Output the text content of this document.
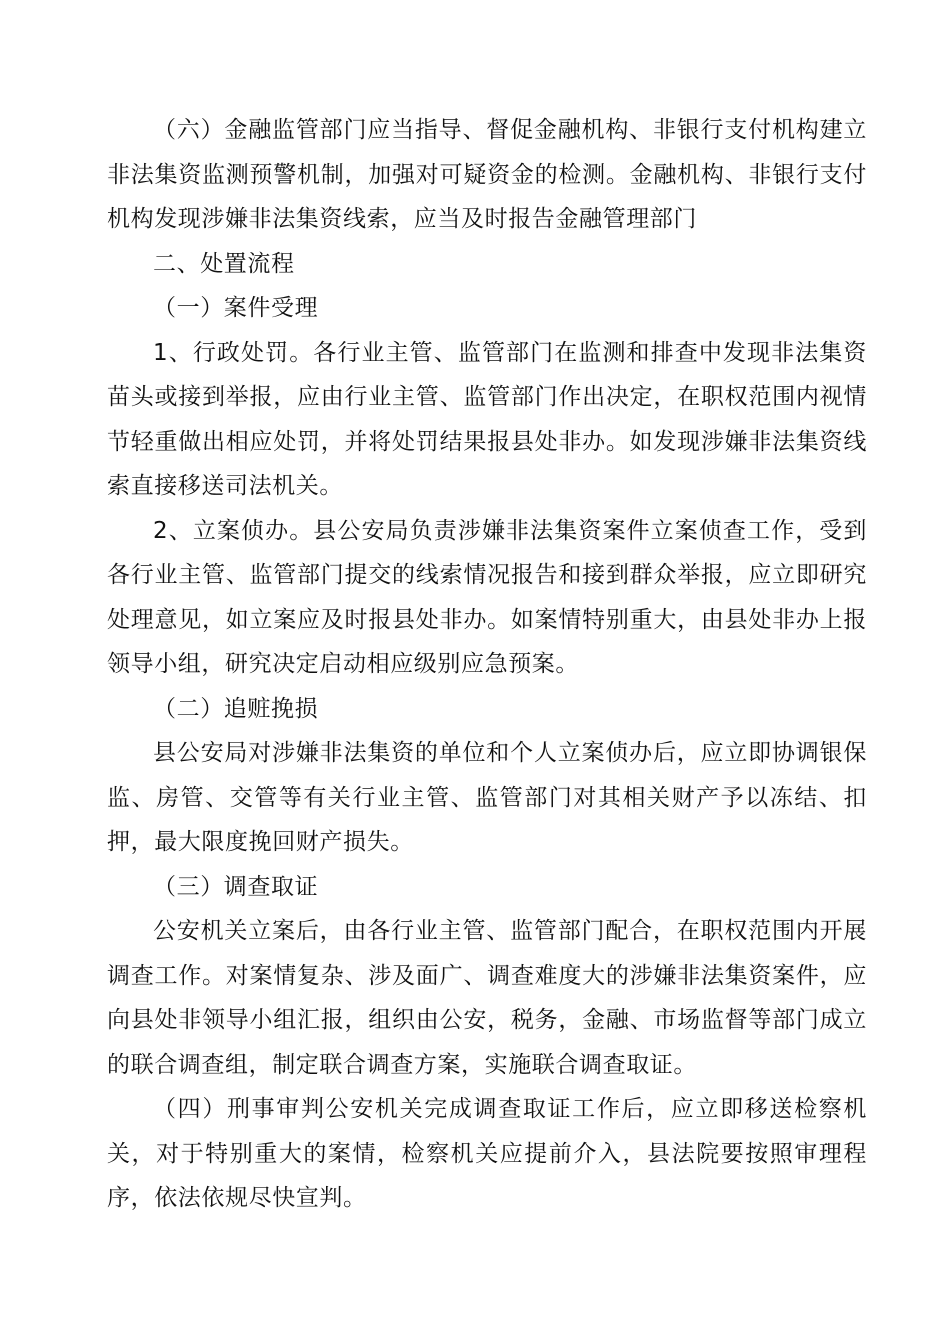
（六）金融监管部门应当指导、督促金融机构、非银行支付机构建立非法集资监测预警机制，加强对可疑资金的检测。金融机构、非银行支付机构发现涉嫌非法集资线索，应当及时报告金融管理部门

二、处置流程

（一）案件受理

1、行政处罚。各行业主管、监管部门在监测和排查中发现非法集资苗头或接到举报，应由行业主管、监管部门作出决定，在职权范围内视情节轻重做出相应处罚，并将处罚结果报县处非办。如发现涉嫌非法集资线索直接移送司法机关。

2、立案侦办。县公安局负责涉嫌非法集资案件立案侦查工作，受到各行业主管、监管部门提交的线索情况报告和接到群众举报，应立即研究处理意见，如立案应及时报县处非办。如案情特别重大，由县处非办上报领导小组，研究决定启动相应级别应急预案。

（二）追赃挽损

县公安局对涉嫌非法集资的单位和个人立案侦办后，应立即协调银保监、房管、交管等有关行业主管、监管部门对其相关财产予以冻结、扣押，最大限度挽回财产损失。

（三）调查取证

公安机关立案后，由各行业主管、监管部门配合，在职权范围内开展调查工作。对案情复杂、涉及面广、调查难度大的涉嫌非法集资案件，应向县处非领导小组汇报，组织由公安，税务，金融、市场监督等部门成立的联合调查组，制定联合调查方案，实施联合调查取证。

（四）刑事审判公安机关完成调查取证工作后，应立即移送检察机关，对于特别重大的案情，检察机关应提前介入，县法院要按照审理程序，依法依规尽快宣判。
